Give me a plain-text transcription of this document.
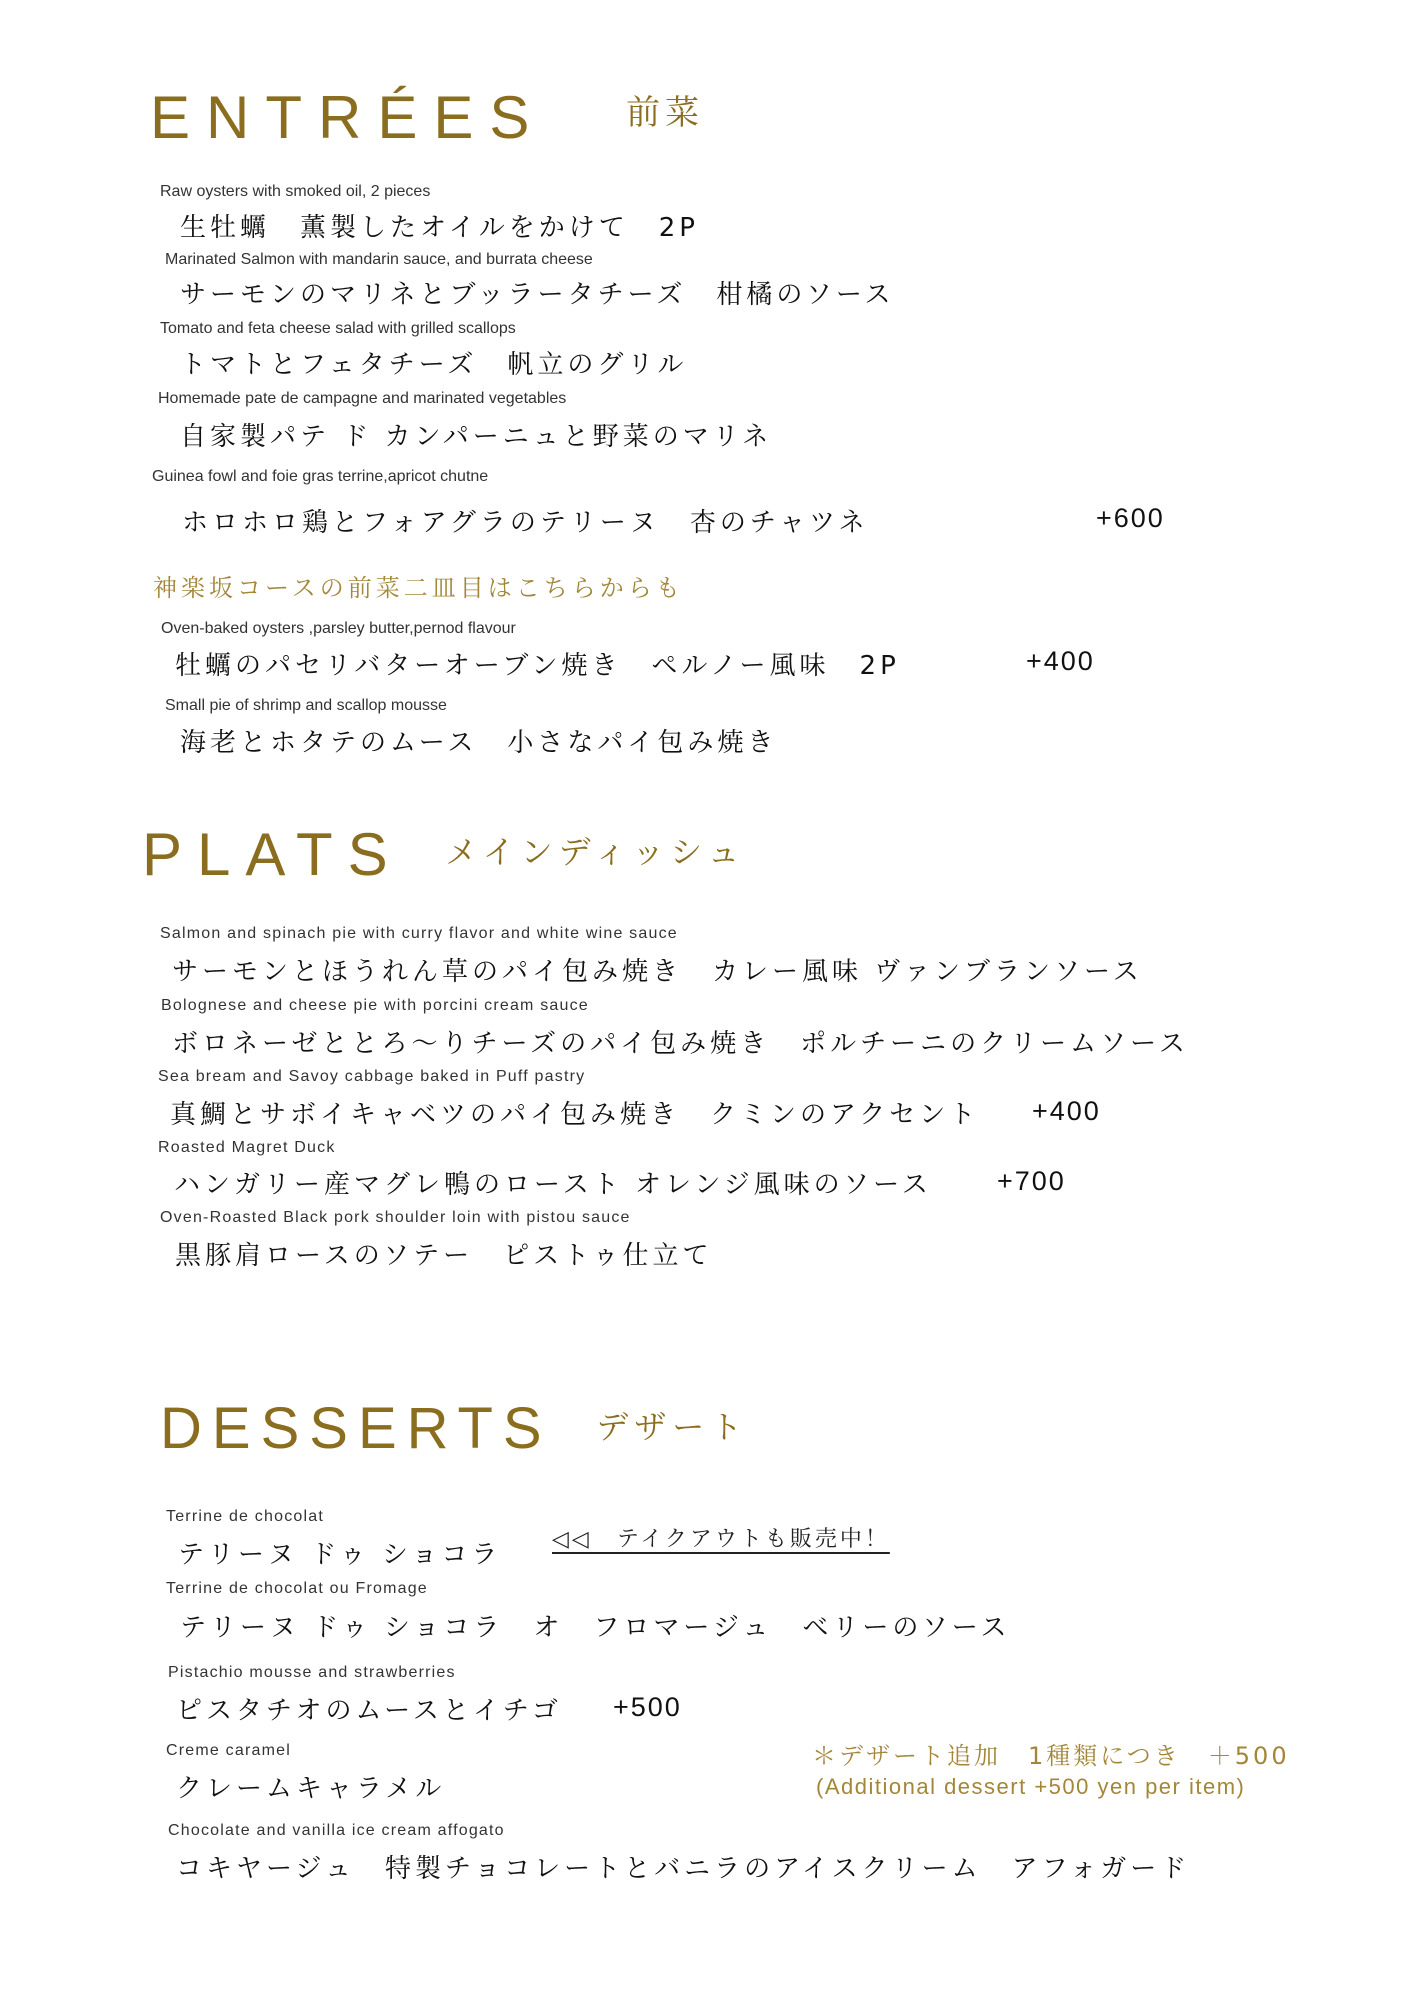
ENTRÉES $^{前菜}$
Raw oysters with smoked oil, 2 pieces
生牡蠣　薫製したオイルをかけて　2P
Marinated Salmon with mandarin sauce, and burrata cheese
サーモンのマリネとブッラータチーズ　柑橘のソース
Tomato and feta cheese salad with grilled scallops
トマトとフェタチーズ　帆立のグリル
Homemade pate de campagne and marinated vegetables
自家製パテ ド カンパーニュと野菜のマリネ
Guinea fowl and foie gras terrine,apricot chutne
ホロホロ鶏とフォアグラのテリーヌ　杏のチャツネ	+600
神楽坂コースの前菜二皿目はこちらからも
Oven-baked oysters ,parsley butter,pernod flavour
牡蠣のパセリバターオーブン焼き　ペルノー風味　2P	+400
Small pie of shrimp and scallop mousse
海老とホタテのムース　小さなパイ包み焼き
PLATS $^{メインディッシュ}$
Salmon and spinach pie with curry flavor and white wine sauce
サーモンとほうれん草のパイ包み焼き　カレー風味 ヴァンブランソース
Bolognese and cheese pie with porcini cream sauce
ボロネーゼととろ～りチーズのパイ包み焼き　ポルチーニのクリームソース
Sea bream and Savoy cabbage baked in Puff pastry
真鯛とサボイキャベツのパイ包み焼き　クミンのアクセント +400
Roasted Magret Duck
ハンガリー産マグレ鴨のロースト オレンジ風味のソース +700
Oven-Roasted Black pork shoulder loin with pistou sauce
黒豚肩ロースのソテー　ピストゥ仕立て
DESSERTS デザート
Terrine de chocolat
テリーヌ ドゥ ショコラ
◁◁　テイクアウトも販売中！
Terrine de chocolat ou Fromage
テリーヌ ドゥ ショコラ　オ　フロマージュ　ベリーのソース
Pistachio mousse and strawberries
ピスタチオのムースとイチゴ +500
Creme caramel
クレームキャラメル
＊デザート追加　1種類につき　＋500
(Additional dessert +500 yen per item)
Chocolate and vanilla ice cream affogato
コキヤージュ　特製チョコレートとバニラのアイスクリーム　アフォガード
